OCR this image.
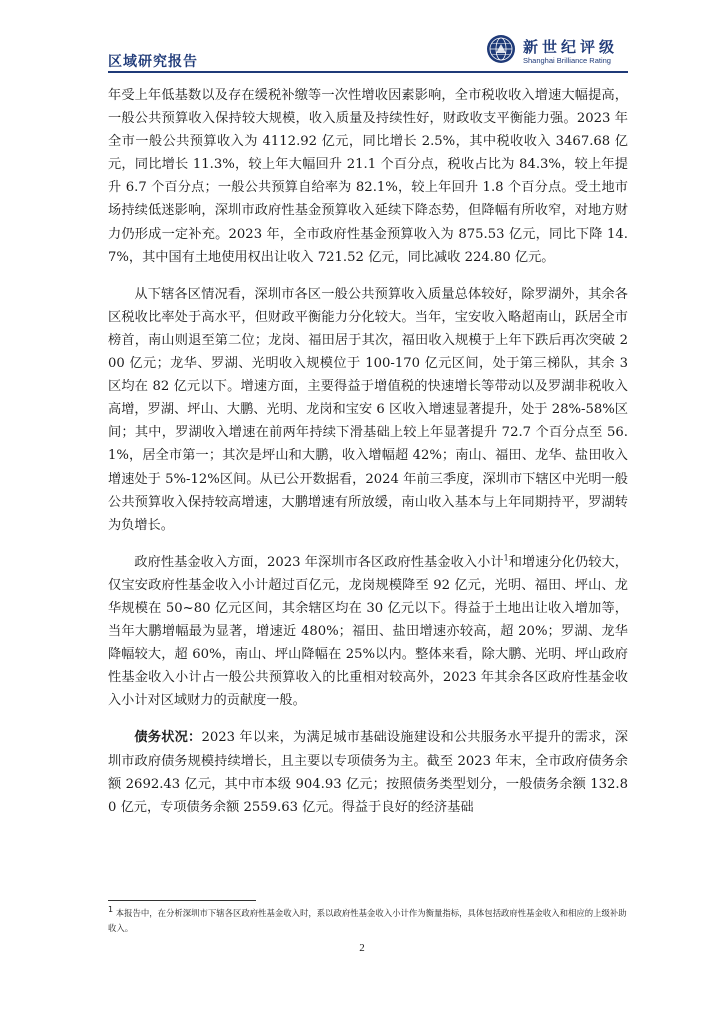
区域研究报告
新世纪评级
Shanghai Brilliance Rating

年受上年低基数以及存在缓税补缴等一次性增收因素影响，全市税收收入增速大幅提高，一般公共预算收入保持较大规模，收入质量及持续性好，财政收支平衡能力强。2023 年全市一般公共预算收入为 4112.92 亿元，同比增长 2.5%，其中税收收入 3467.68 亿元，同比增长 11.3%，较上年大幅回升 21.1 个百分点，税收占比为 84.3%，较上年提升 6.7 个百分点；一般公共预算自给率为 82.1%，较上年回升 1.8 个百分点。受土地市场持续低迷影响，深圳市政府性基金预算收入延续下降态势，但降幅有所收窄，对地方财力仍形成一定补充。2023 年，全市政府性基金预算收入为 875.53 亿元，同比下降 14.7%，其中国有土地使用权出让收入 721.52 亿元，同比减收 224.80 亿元。

从下辖各区情况看，深圳市各区一般公共预算收入质量总体较好，除罗湖外，其余各区税收比率处于高水平，但财政平衡能力分化较大。当年，宝安收入略超南山，跃居全市榜首，南山则退至第二位；龙岗、福田居于其次，福田收入规模于上年下跌后再次突破 200 亿元；龙华、罗湖、光明收入规模位于 100-170 亿元区间，处于第三梯队，其余 3 区均在 82 亿元以下。增速方面，主要得益于增值税的快速增长等带动以及罗湖非税收入高增，罗湖、坪山、大鹏、光明、龙岗和宝安 6 区收入增速显著提升，处于 28%-58%区间；其中，罗湖收入增速在前两年持续下滑基础上较上年显著提升 72.7 个百分点至 56.1%，居全市第一；其次是坪山和大鹏，收入增幅超 42%；南山、福田、龙华、盐田收入增速处于 5%-12%区间。从已公开数据看，2024 年前三季度，深圳市下辖区中光明一般公共预算收入保持较高增速，大鹏增速有所放缓，南山收入基本与上年同期持平，罗湖转为负增长。

政府性基金收入方面，2023 年深圳市各区政府性基金收入小计$^1$和增速分化仍较大，仅宝安政府性基金收入小计超过百亿元，龙岗规模降至 92 亿元，光明、福田、坪山、龙华规模在 50~80 亿元区间，其余辖区均在 30 亿元以下。得益于土地出让收入增加等，当年大鹏增幅最为显著，增速近 480%；福田、盐田增速亦较高，超 20%；罗湖、龙华降幅较大，超 60%，南山、坪山降幅在 25%以内。整体来看，除大鹏、光明、坪山政府性基金收入小计占一般公共预算收入的比重相对较高外，2023 年其余各区政府性基金收入小计对区域财力的贡献度一般。

债务状况：2023 年以来，为满足城市基础设施建设和公共服务水平提升的需求，深圳市政府债务规模持续增长，且主要以专项债务为主。截至 2023 年末，全市政府债务余额 2692.43 亿元，其中市本级 904.93 亿元；按照债务类型划分，一般债务余额 132.80 亿元，专项债务余额 2559.63 亿元。得益于良好的经济基础

$^1$ 本报告中，在分析深圳市下辖各区政府性基金收入时，系以政府性基金收入小计作为衡量指标，具体包括政府性基金收入和相应的上级补助收入。
2
